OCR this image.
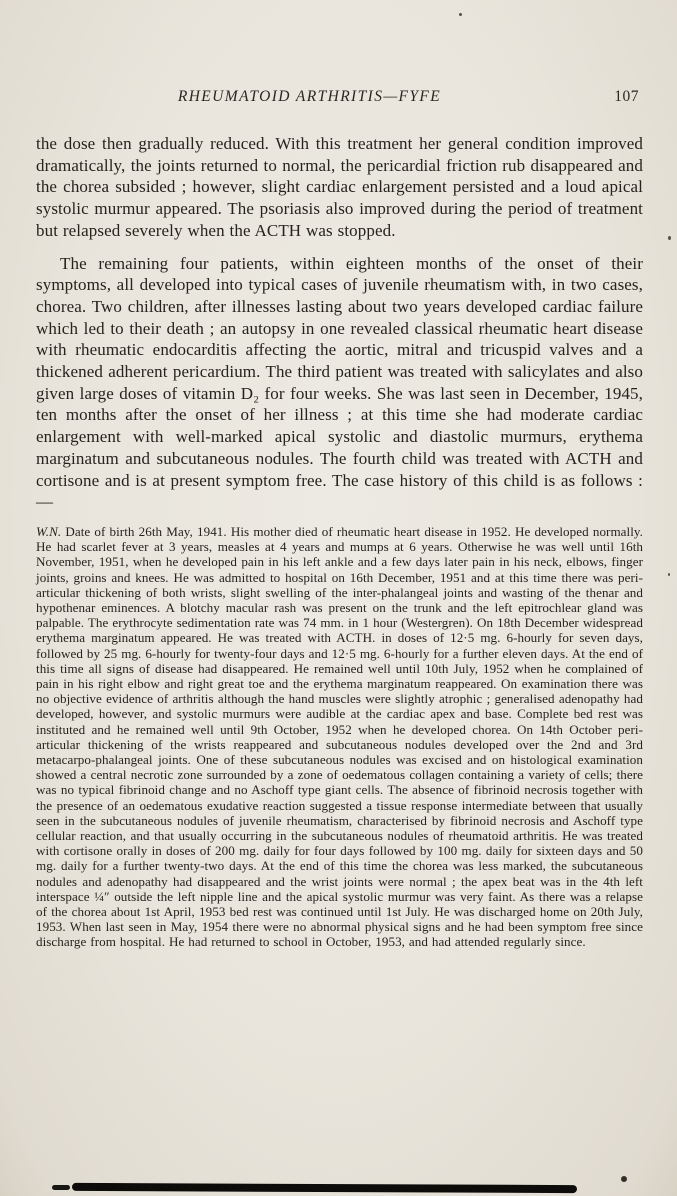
RHEUMATOID ARTHRITIS—FYFE	107

the dose then gradually reduced. With this treatment her general condition improved dramatically, the joints returned to normal, the pericardial friction rub disappeared and the chorea subsided ; however, slight cardiac enlargement persisted and a loud apical systolic murmur appeared. The psoriasis also improved during the period of treatment but relapsed severely when the ACTH was stopped.

The remaining four patients, within eighteen months of the onset of their symptoms, all developed into typical cases of juvenile rheumatism with, in two cases, chorea. Two children, after illnesses lasting about two years developed cardiac failure which led to their death ; an autopsy in one revealed classical rheumatic heart disease with rheumatic endocarditis affecting the aortic, mitral and tricuspid valves and a thickened adherent pericardium. The third patient was treated with salicylates and also given large doses of vitamin D₂ for four weeks. She was last seen in December, 1945, ten months after the onset of her illness ; at this time she had moderate cardiac enlargement with well-marked apical systolic and diastolic murmurs, erythema marginatum and subcutaneous nodules. The fourth child was treated with ACTH and cortisone and is at present symptom free. The case history of this child is as follows :—

W.N. Date of birth 26th May, 1941. His mother died of rheumatic heart disease in 1952. He developed normally. He had scarlet fever at 3 years, measles at 4 years and mumps at 6 years. Otherwise he was well until 16th November, 1951, when he developed pain in his left ankle and a few days later pain in his neck, elbows, finger joints, groins and knees. He was admitted to hospital on 16th December, 1951 and at this time there was peri-articular thickening of both wrists, slight swelling of the inter-phalangeal joints and wasting of the thenar and hypothenar eminences. A blotchy macular rash was present on the trunk and the left epitrochlear gland was palpable. The erythrocyte sedimentation rate was 74 mm. in 1 hour (Westergren). On 18th December widespread erythema marginatum appeared. He was treated with ACTH. in doses of 12·5 mg. 6-hourly for seven days, followed by 25 mg. 6-hourly for twenty-four days and 12·5 mg. 6-hourly for a further eleven days. At the end of this time all signs of disease had disappeared. He remained well until 10th July, 1952 when he complained of pain in his right elbow and right great toe and the erythema marginatum reappeared. On examination there was no objective evidence of arthritis although the hand muscles were slightly atrophic ; generalised adenopathy had developed, however, and systolic murmurs were audible at the cardiac apex and base. Complete bed rest was instituted and he remained well until 9th October, 1952 when he developed chorea. On 14th October peri-articular thickening of the wrists reappeared and subcutaneous nodules developed over the 2nd and 3rd metacarpo-phalangeal joints. One of these subcutaneous nodules was excised and on histological examination showed a central necrotic zone surrounded by a zone of oedematous collagen containing a variety of cells; there was no typical fibrinoid change and no Aschoff type giant cells. The absence of fibrinoid necrosis together with the presence of an oedematous exudative reaction suggested a tissue response intermediate between that usually seen in the subcutaneous nodules of juvenile rheumatism, characterised by fibrinoid necrosis and Aschoff type cellular reaction, and that usually occurring in the subcutaneous nodules of rheumatoid arthritis. He was treated with cortisone orally in doses of 200 mg. daily for four days followed by 100 mg. daily for sixteen days and 50 mg. daily for a further twenty-two days. At the end of this time the chorea was less marked, the subcutaneous nodules and adenopathy had disappeared and the wrist joints were normal ; the apex beat was in the 4th left interspace ¼″ outside the left nipple line and the apical systolic murmur was very faint. As there was a relapse of the chorea about 1st April, 1953 bed rest was continued until 1st July. He was discharged home on 20th July, 1953. When last seen in May, 1954 there were no abnormal physical signs and he had been symptom free since discharge from hospital. He had returned to school in October, 1953, and had attended regularly since.
